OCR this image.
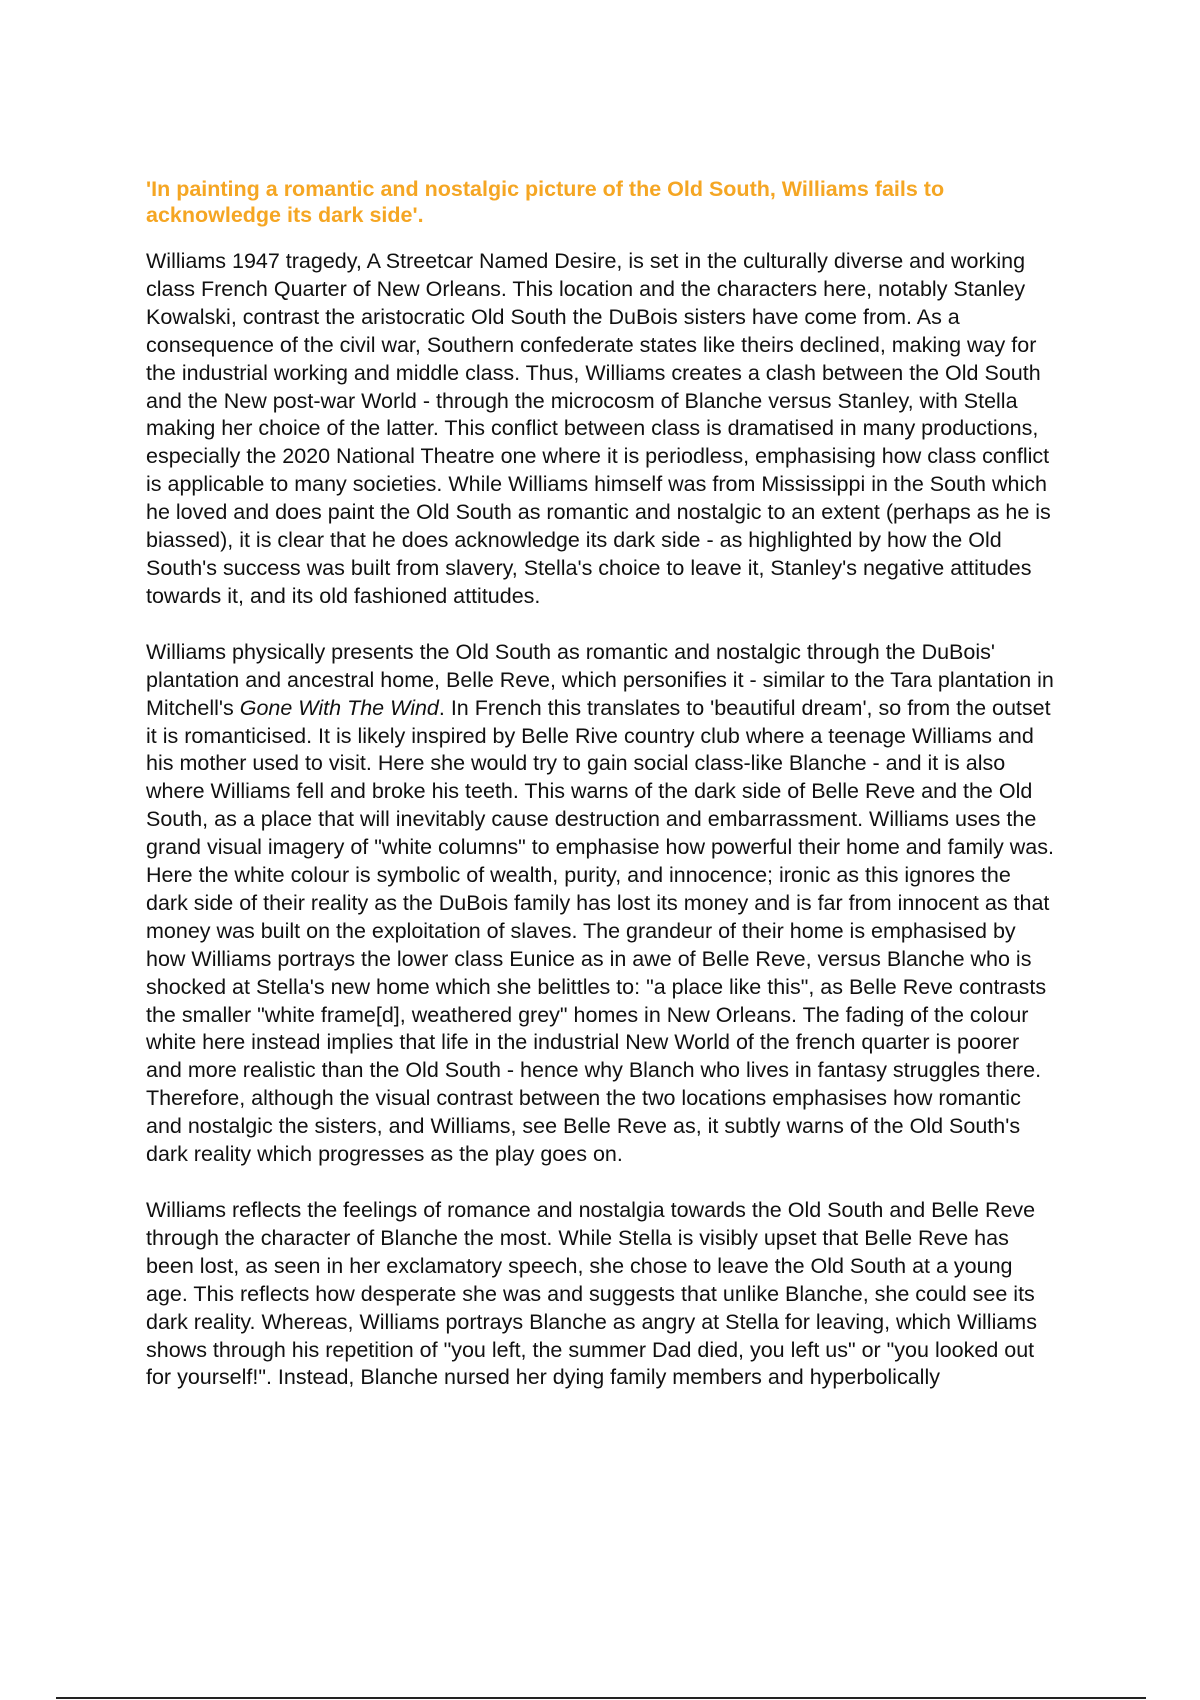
'In painting a romantic and nostalgic picture of the Old South, Williams fails to acknowledge its dark side'.

Williams 1947 tragedy, A Streetcar Named Desire, is set in the culturally diverse and working class French Quarter of New Orleans. This location and the characters here, notably Stanley Kowalski, contrast the aristocratic Old South the DuBois sisters have come from. As a consequence of the civil war, Southern confederate states like theirs declined, making way for the industrial working and middle class. Thus, Williams creates a clash between the Old South and the New post-war World - through the microcosm of Blanche versus Stanley, with Stella making her choice of the latter. This conflict between class is dramatised in many productions, especially the 2020 National Theatre one where it is periodless, emphasising how class conflict is applicable to many societies. While Williams himself was from Mississippi in the South which he loved and does paint the Old South as romantic and nostalgic to an extent (perhaps as he is biassed), it is clear that he does acknowledge its dark side - as highlighted by how the Old South's success was built from slavery, Stella's choice to leave it, Stanley's negative attitudes towards it, and its old fashioned attitudes.

Williams physically presents the Old South as romantic and nostalgic through the DuBois' plantation and ancestral home, Belle Reve, which personifies it - similar to the Tara plantation in Mitchell's Gone With The Wind. In French this translates to 'beautiful dream', so from the outset it is romanticised. It is likely inspired by Belle Rive country club where a teenage Williams and his mother used to visit. Here she would try to gain social class-like Blanche - and it is also where Williams fell and broke his teeth. This warns of the dark side of Belle Reve and the Old South, as a place that will inevitably cause destruction and embarrassment. Williams uses the grand visual imagery of "white columns" to emphasise how powerful their home and family was. Here the white colour is symbolic of wealth, purity, and innocence; ironic as this ignores the dark side of their reality as the DuBois family has lost its money and is far from innocent as that money was built on the exploitation of slaves. The grandeur of their home is emphasised by how Williams portrays the lower class Eunice as in awe of Belle Reve, versus Blanche who is shocked at Stella's new home which she belittles to: "a place like this", as Belle Reve contrasts the smaller "white frame[d], weathered grey" homes in New Orleans. The fading of the colour white here instead implies that life in the industrial New World of the french quarter is poorer and more realistic than the Old South - hence why Blanch who lives in fantasy struggles there. Therefore, although the visual contrast between the two locations emphasises how romantic and nostalgic the sisters, and Williams, see Belle Reve as, it subtly warns of the Old South's dark reality which progresses as the play goes on.

Williams reflects the feelings of romance and nostalgia towards the Old South and Belle Reve through the character of Blanche the most. While Stella is visibly upset that Belle Reve has been lost, as seen in her exclamatory speech, she chose to leave the Old South at a young age. This reflects how desperate she was and suggests that unlike Blanche, she could see its dark reality. Whereas, Williams portrays Blanche as angry at Stella for leaving, which Williams shows through his repetition of "you left, the summer Dad died, you left us" or "you looked out for yourself!". Instead, Blanche nursed her dying family members and hyperbolically
